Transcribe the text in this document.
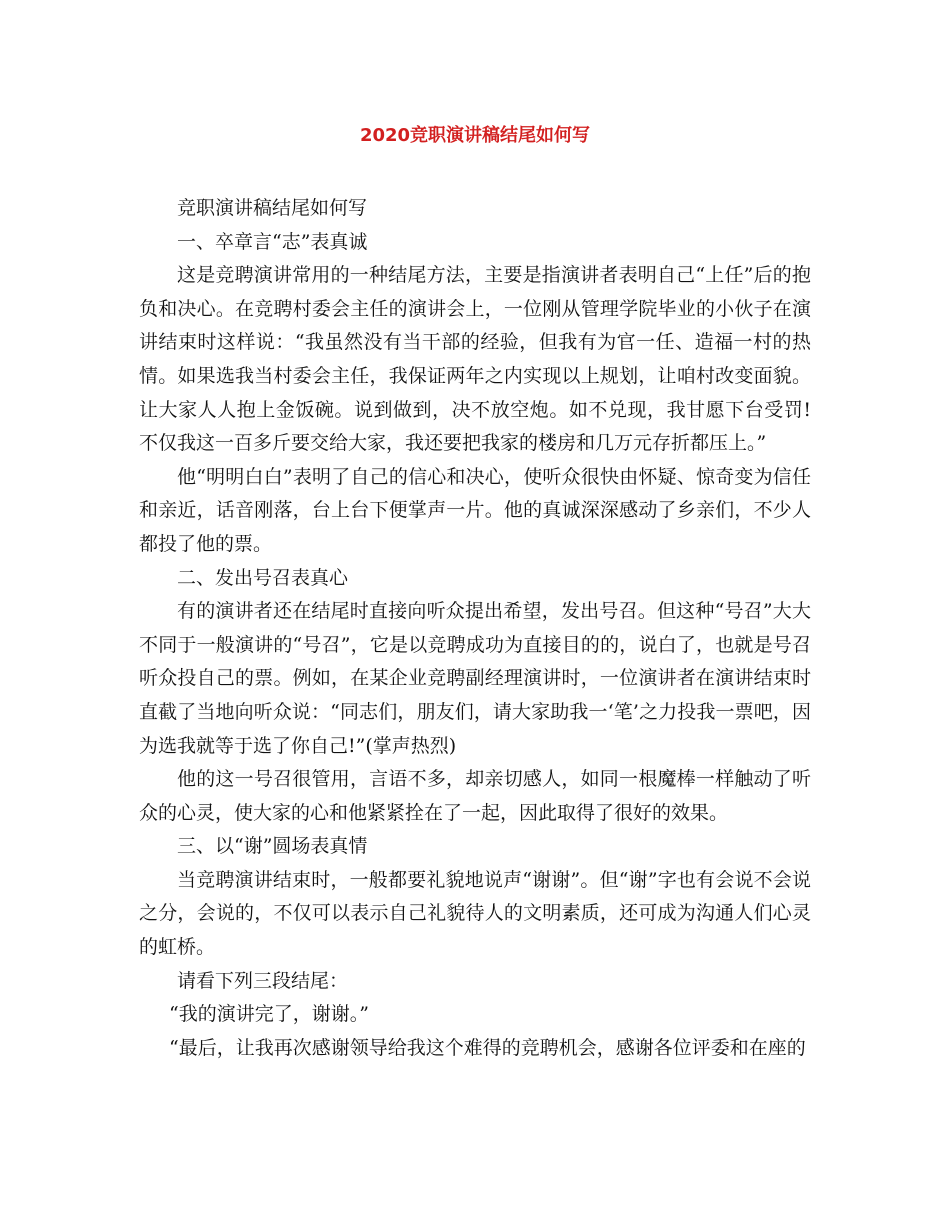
2020竞职演讲稿结尾如何写

竞职演讲稿结尾如何写

一、卒章言“志”表真诚

这是竞聘演讲常用的一种结尾方法，主要是指演讲者表明自己“上任”后的抱负和决心。在竞聘村委会主任的演讲会上，一位刚从管理学院毕业的小伙子在演讲结束时这样说：“我虽然没有当干部的经验，但我有为官一任、造福一村的热情。如果选我当村委会主任，我保证两年之内实现以上规划，让咱村改变面貌。让大家人人抱上金饭碗。说到做到，决不放空炮。如不兑现，我甘愿下台受罚!不仅我这一百多斤要交给大家，我还要把我家的楼房和几万元存折都压上。”

他“明明白白”表明了自己的信心和决心，使听众很快由怀疑、惊奇变为信任和亲近，话音刚落，台上台下便掌声一片。他的真诚深深感动了乡亲们，不少人都投了他的票。

二、发出号召表真心

有的演讲者还在结尾时直接向听众提出希望，发出号召。但这种“号召”大大不同于一般演讲的“号召”，它是以竞聘成功为直接目的的，说白了，也就是号召听众投自己的票。例如，在某企业竞聘副经理演讲时，一位演讲者在演讲结束时直截了当地向听众说：“同志们，朋友们，请大家助我一‘笔’之力投我一票吧，因为选我就等于选了你自己!”(掌声热烈)

他的这一号召很管用，言语不多，却亲切感人，如同一根魔棒一样触动了听众的心灵，使大家的心和他紧紧拴在了一起，因此取得了很好的效果。

三、以“谢”圆场表真情

当竞聘演讲结束时，一般都要礼貌地说声“谢谢”。但“谢”字也有会说不会说之分，会说的，不仅可以表示自己礼貌待人的文明素质，还可成为沟通人们心灵的虹桥。

请看下列三段结尾：

“我的演讲完了，谢谢。”

“最后，让我再次感谢领导给我这个难得的竞聘机会，感谢各位评委和在座的
